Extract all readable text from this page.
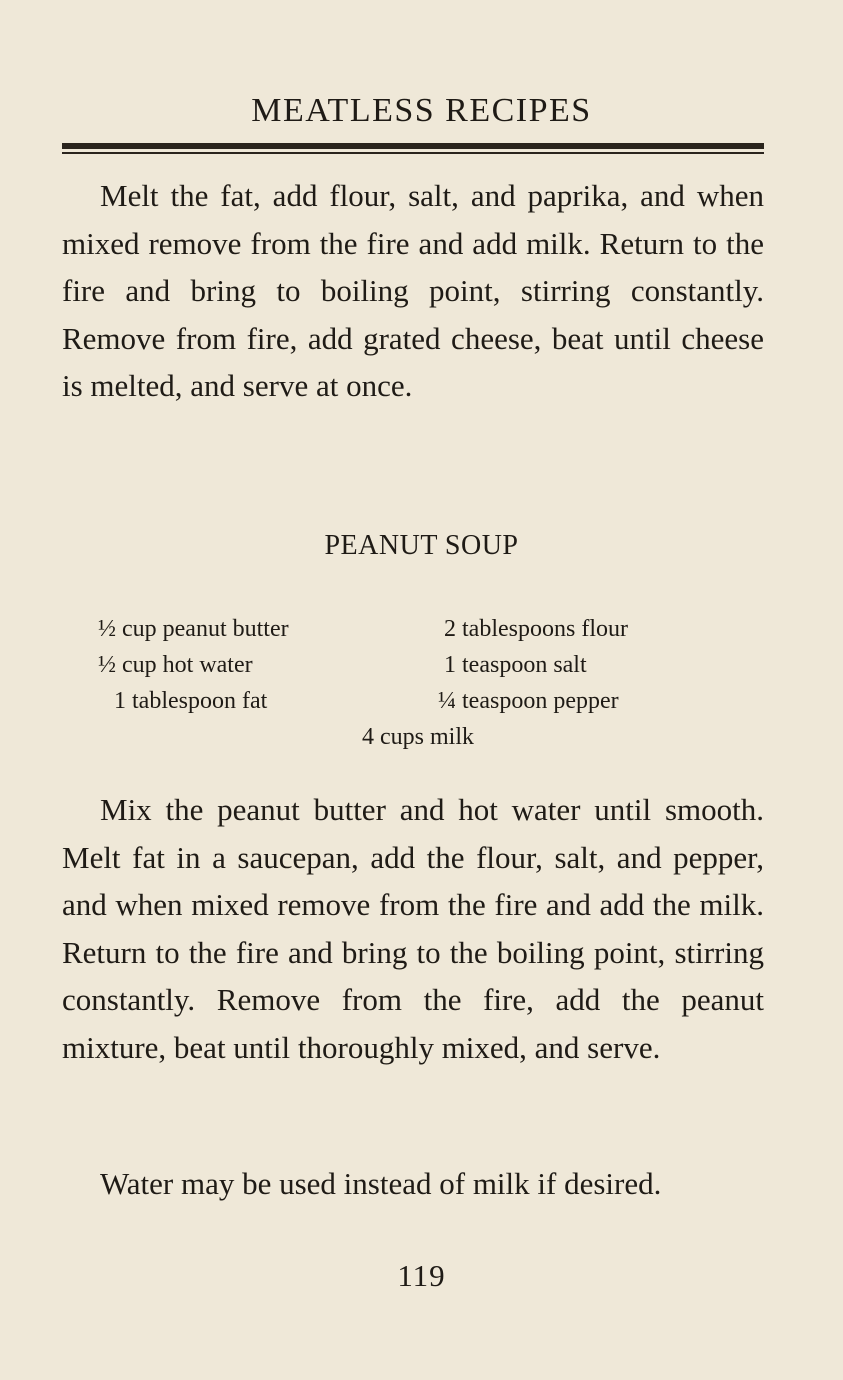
MEATLESS RECIPES

Melt the fat, add flour, salt, and paprika, and when mixed remove from the fire and add milk. Return to the fire and bring to boiling point, stirring constantly. Remove from fire, add grated cheese, beat until cheese is melted, and serve at once.

PEANUT SOUP
½ cup peanut butter	2 tablespoons flour
½ cup hot water	1 teaspoon salt
1 tablespoon fat	¼ teaspoon pepper
4 cups milk

Mix the peanut butter and hot water until smooth. Melt fat in a saucepan, add the flour, salt, and pepper, and when mixed remove from the fire and add the milk. Return to the fire and bring to the boiling point, stirring constantly. Remove from the fire, add the peanut mixture, beat until thoroughly mixed, and serve.

Water may be used instead of milk if desired.

119
